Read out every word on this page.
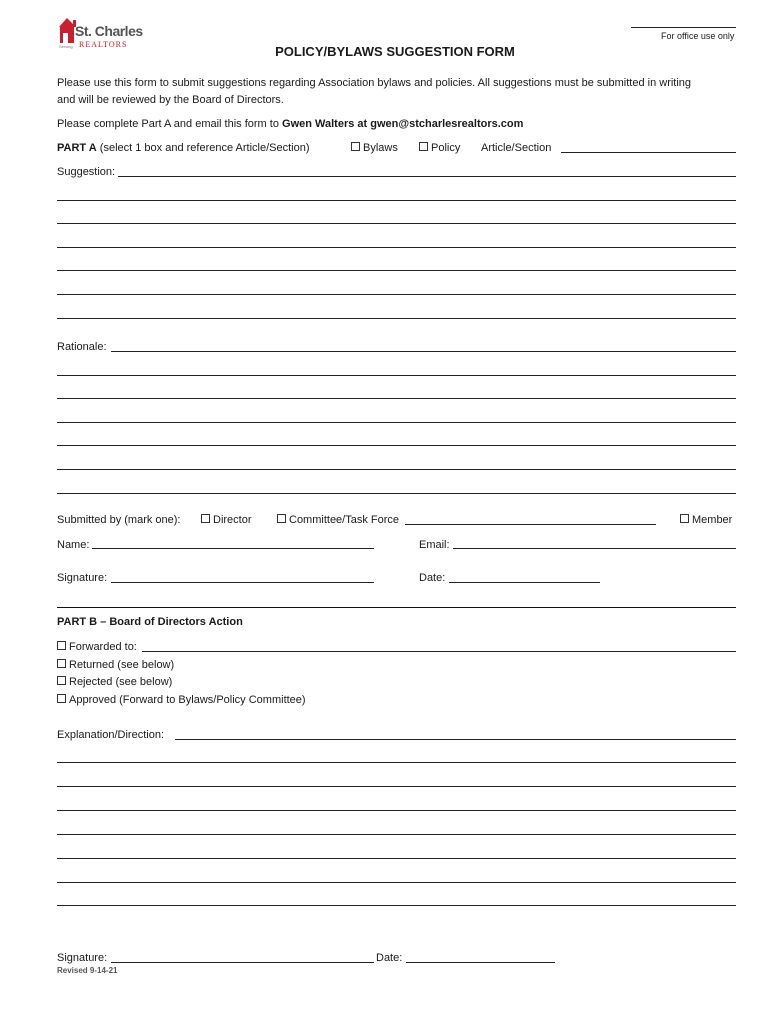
St. Charles
REALTORS
Serving
For office use only
POLICY/BYLAWS SUGGESTION FORM
Please use this form to submit suggestions regarding Association bylaws and policies. All suggestions must be submitted in writing
and will be reviewed by the Board of Directors.
Please complete Part A and email this form to Gwen Walters at gwen@stcharlesrealtors.com
PART A (select 1 box and reference Article/Section)	Bylaws	Policy Article/Section
Suggestion:
Rationale:
Submitted by (mark one):	Director	Committee/Task Force	Member
Name:	Email:
Signature:	Date:
PART B – Board of Directors Action
Forwarded to:
Returned (see below)
Rejected (see below)
Approved (Forward to Bylaws/Policy Committee)
Explanation/Direction:
Signature:	Date:
Revised 9-14-21
